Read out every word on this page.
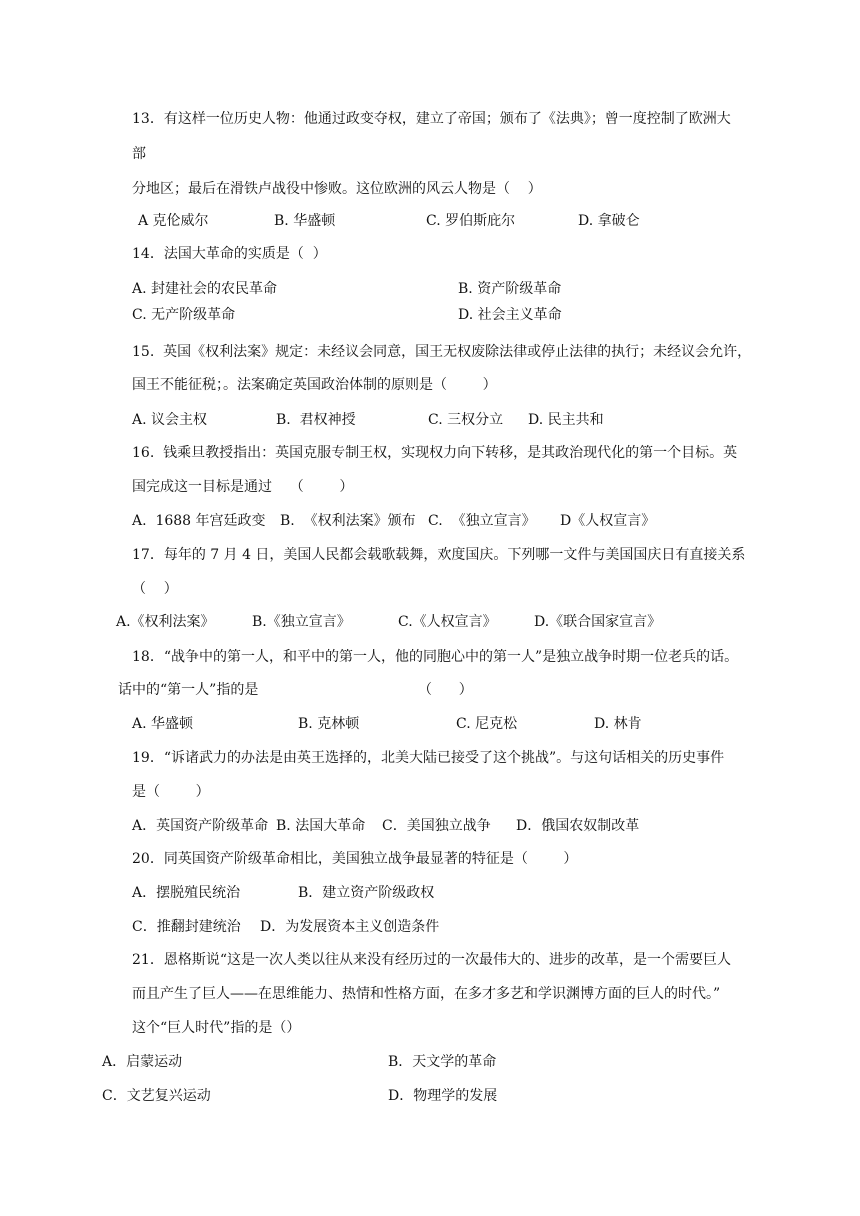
13．有这样一位历史人物：他通过政变夺权，建立了帝国；颁布了《法典》；曾一度控制了欧洲大
部
分地区；最后在滑铁卢战役中惨败。这位欧洲的风云人物是（    ）
A 克伦威尔	B. 华盛顿	C. 罗伯斯庇尔	D. 拿破仑
14．法国大革命的实质是（  ）
A. 封建社会的农民革命	B. 资产阶级革命
C. 无产阶级革命	D. 社会主义革命
15.  英国《权利法案》规定：未经议会同意，国王无权废除法律或停止法律的执行；未经议会允许，
国王不能征税；。法案确定英国政治体制的原则是（        ）
A. 议会主权	B.  君权神授	C. 三权分立 D. 民主共和
16.  钱乘旦教授指出：英国克服专制王权，实现权力向下转移，是其政治现代化的第一个目标。英
国完成这一目标是通过    （        ）
A.  1688 年宫廷政变 B.  《权利法案》颁布 C.  《独立宣言》 D《人权宣言》
17．每年的 7 月 4 日，美国人民都会载歌载舞，欢度国庆。下列哪一文件与美国国庆日有直接关系
（    ）
A.《权利法案》	B.《独立宣言》	C.《人权宣言》	D.《联合国家宣言》
18．“战争中的第一人，和平中的第一人，他的同胞心中的第一人”是独立战争时期一位老兵的话。
话中的“第一人”指的是	（      ）
A. 华盛顿	B. 克林顿	C. 尼克松	D. 林肯
19．“诉诸武力的办法是由英王选择的，北美大陆已接受了这个挑战”。与这句话相关的历史事件
是（        ）
A．英国资产阶级革命 B. 法国大革命 C．美国独立战争 D．俄国农奴制改革
20．同英国资产阶级革命相比，美国独立战争最显著的特征是（        ）
A．摆脱殖民统治	B．建立资产阶级政权
C．推翻封建统治 D．为发展资本主义创造条件
21．恩格斯说“这是一次人类以往从来没有经历过的一次最伟大的、进步的改革，是一个需要巨人
而且产生了巨人——在思维能力、热情和性格方面，在多才多艺和学识渊博方面的巨人的时代。”
这个“巨人时代”指的是（）
A．启蒙运动	B．天文学的革命
C．文艺复兴运动	D．物理学的发展
